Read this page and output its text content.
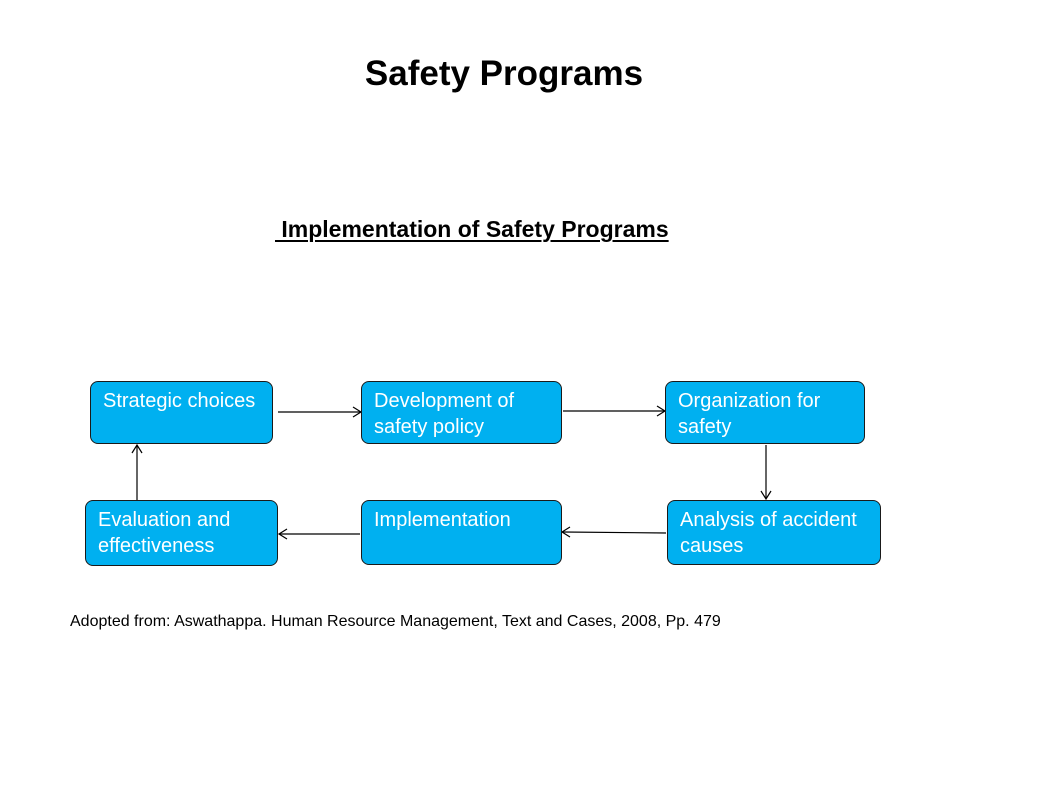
Safety Programs
Implementation of Safety Programs
Strategic choices	Development of safety policy
Organization for safety
Analysis of accident causes
Implementation
Evaluation and effectiveness
Adopted from: Aswathappa. Human Resource Management, Text and Cases, 2008, Pp. 479
